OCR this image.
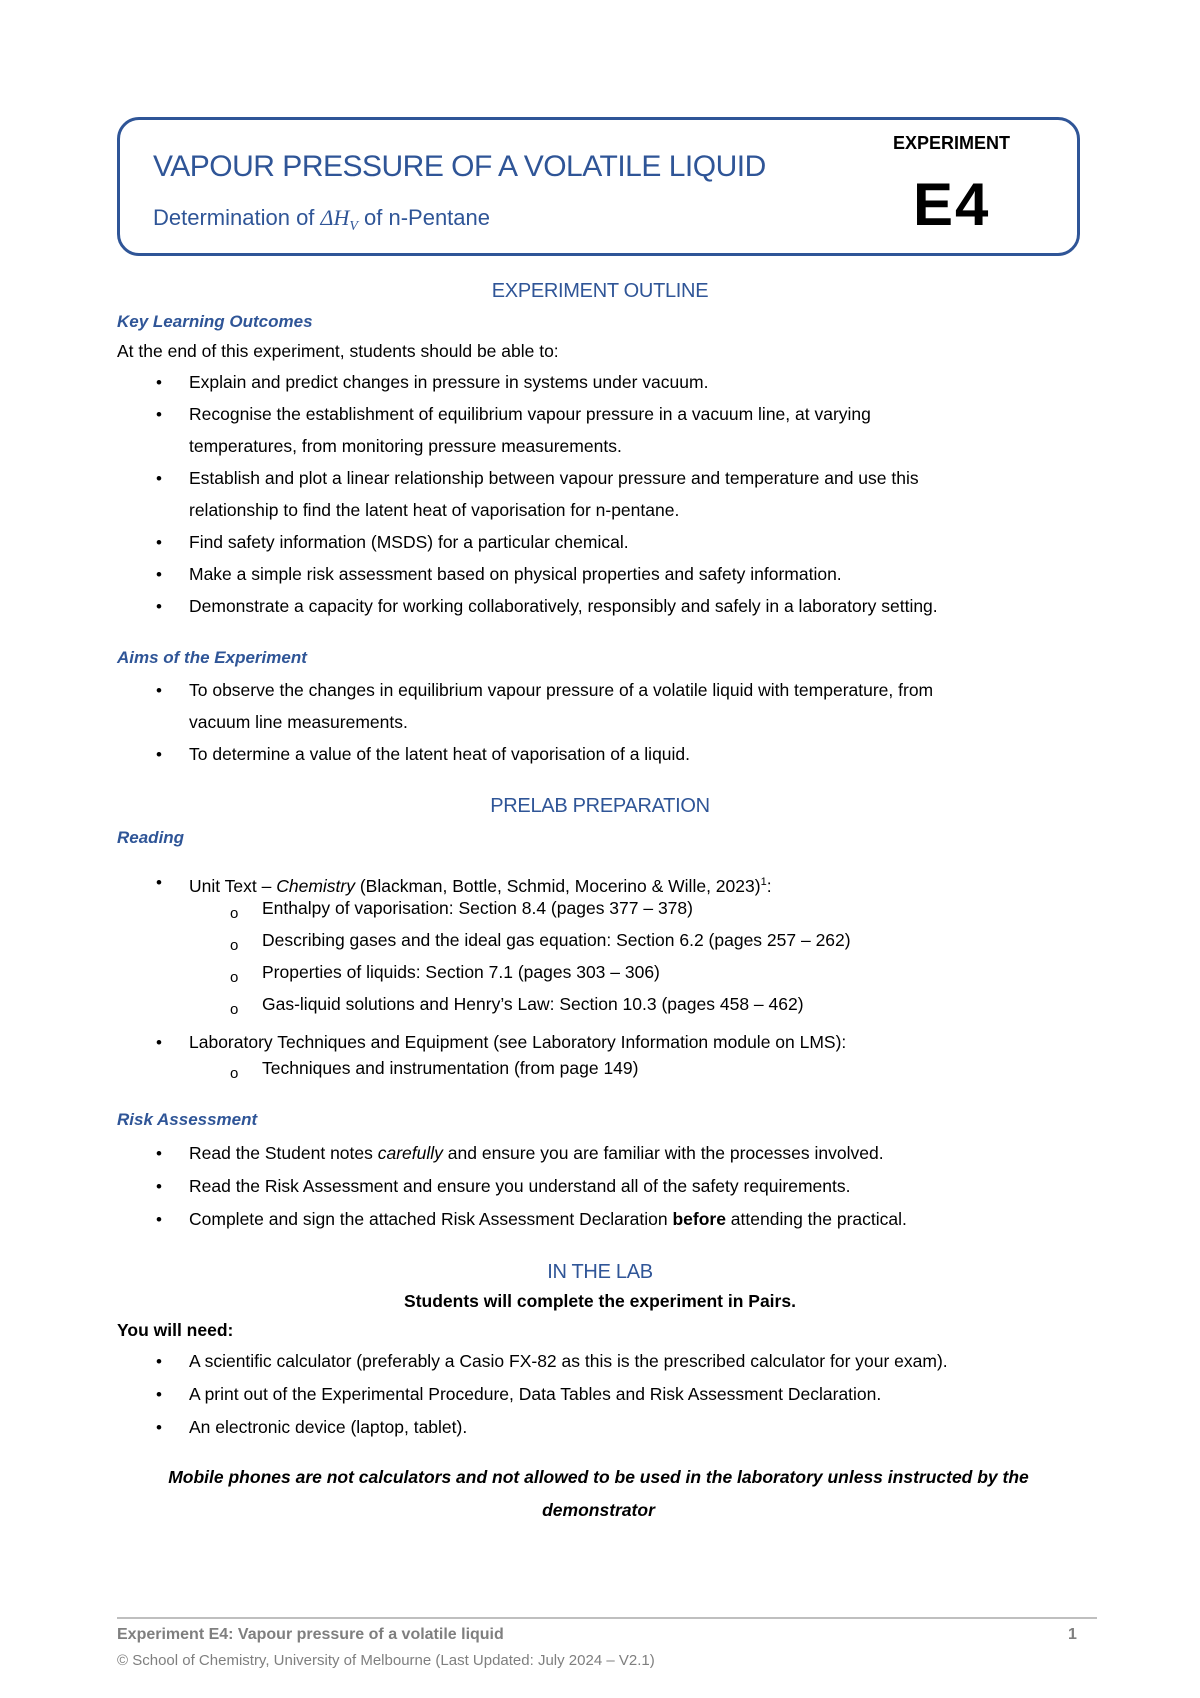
VAPOUR PRESSURE OF A VOLATILE LIQUID
Determination of $\Delta H_V$ of n-Pentane
EXPERIMENT
E4
EXPERIMENT OUTLINE
Key Learning Outcomes
At the end of this experiment, students should be able to:
• Explain and predict changes in pressure in systems under vacuum.
• Recognise the establishment of equilibrium vapour pressure in a vacuum line, at varying
temperatures, from monitoring pressure measurements.
• Establish and plot a linear relationship between vapour pressure and temperature and use this
relationship to find the latent heat of vaporisation for n-pentane.
• Find safety information (MSDS) for a particular chemical.
• Make a simple risk assessment based on physical properties and safety information.
• Demonstrate a capacity for working collaboratively, responsibly and safely in a laboratory setting.
Aims of the Experiment
• To observe the changes in equilibrium vapour pressure of a volatile liquid with temperature, from
vacuum line measurements.
• To determine a value of the latent heat of vaporisation of a liquid.
PRELAB PREPARATION
Reading
• Unit Text – Chemistry (Blackman, Bottle, Schmid, Mocerino & Wille, 2023)$^1$:
o Enthalpy of vaporisation: Section 8.4 (pages 377 – 378)
o Describing gases and the ideal gas equation: Section 6.2 (pages 257 – 262)
o Properties of liquids: Section 7.1 (pages 303 – 306)
o Gas-liquid solutions and Henry’s Law: Section 10.3 (pages 458 – 462)
• Laboratory Techniques and Equipment (see Laboratory Information module on LMS):
o Techniques and instrumentation (from page 149)
Risk Assessment
• Read the Student notes carefully and ensure you are familiar with the processes involved.
• Read the Risk Assessment and ensure you understand all of the safety requirements.
• Complete and sign the attached Risk Assessment Declaration before attending the practical.
IN THE LAB
Students will complete the experiment in Pairs.
You will need:
• A scientific calculator (preferably a Casio FX-82 as this is the prescribed calculator for your exam).
• A print out of the Experimental Procedure, Data Tables and Risk Assessment Declaration.
• An electronic device (laptop, tablet).
Mobile phones are not calculators and not allowed to be used in the laboratory unless instructed by the
demonstrator
Experiment E4: Vapour pressure of a volatile liquid	1
© School of Chemistry, University of Melbourne (Last Updated: July 2024 – V2.1)
